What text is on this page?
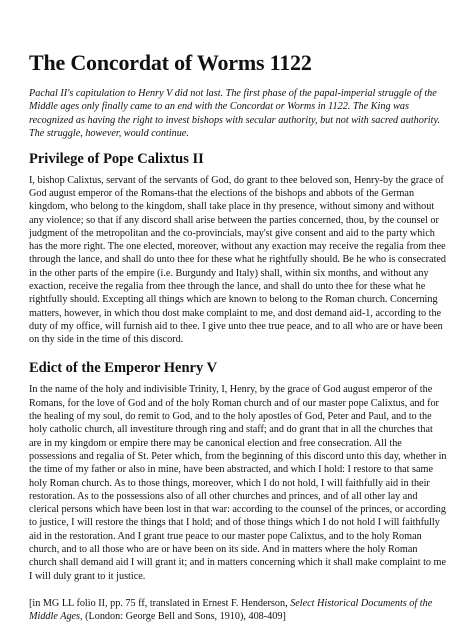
The Concordat of Worms 1122

Pachal II's capitulation to Henry V did not last. The first phase of the papal-imperial struggle of the Middle ages only finally came to an end with the Concordat or Worms in 1122. The King was recognized as having the right to invest bishops with secular authority, but not with sacred authority. The struggle, however, would continue.

Privilege of Pope Calixtus II

I, bishop Calixtus, servant of the servants of God, do grant to thee beloved son, Henry-by the grace of God august emperor of the Romans-that the elections of the bishops and abbots of the German kingdom, who belong to the kingdom, shall take place in thy presence, without simony and without any violence; so that if any discord shall arise between the parties concerned, thou, by the counsel or judgment of the metropolitan and the co-provincials, may'st give consent and aid to the party which has the more right. The one elected, moreover, without any exaction may receive the regalia from thee through the lance, and shall do unto thee for these what he rightfully should. Be he who is consecrated in the other parts of the empire (i.e. Burgundy and Italy) shall, within six months, and without any exaction, receive the regalia from thee through the lance, and shall do unto thee for these what he rightfully should. Excepting all things which are known to belong to the Roman church. Concerning matters, however, in which thou dost make complaint to me, and dost demand aid-1, according to the duty of my office, will furnish aid to thee. I give unto thee true peace, and to all who are or have been on thy side in the time of this discord.

Edict of the Emperor Henry V

In the name of the holy and indivisible Trinity, I, Henry, by the grace of God august emperor of the Romans, for the love of God and of the holy Roman church and of our master pope Calixtus, and for the healing of my soul, do remit to God, and to the holy apostles of God, Peter and Paul, and to the holy catholic church, all investiture through ring and staff; and do grant that in all the churches that are in my kingdom or empire there may be canonical election and free consecration. All the possessions and regalia of St. Peter which, from the beginning of this discord unto this day, whether in the time of my father or also in mine, have been abstracted, and which I hold: I restore to that same holy Roman church. As to those things, moreover, which I do not hold, I will faithfully aid in their restoration. As to the possessions also of all other churches and princes, and of all other lay and clerical persons which have been lost in that war: according to the counsel of the princes, or according to justice, I will restore the things that I hold; and of those things which I do not hold I will faithfully aid in the restoration. And I grant true peace to our master pope Calixtus, and to the holy Roman church, and to all those who are or have been on its side. And in matters where the holy Roman church shall demand aid I will grant it; and in matters concerning which it shall make complaint to me I will duly grant to it justice.

[in MG LL folio II, pp. 75 ff, translated in Ernest F. Henderson, Select Historical Documents of the Middle Ages, (London: George Bell and Sons, 1910), 408-409]
